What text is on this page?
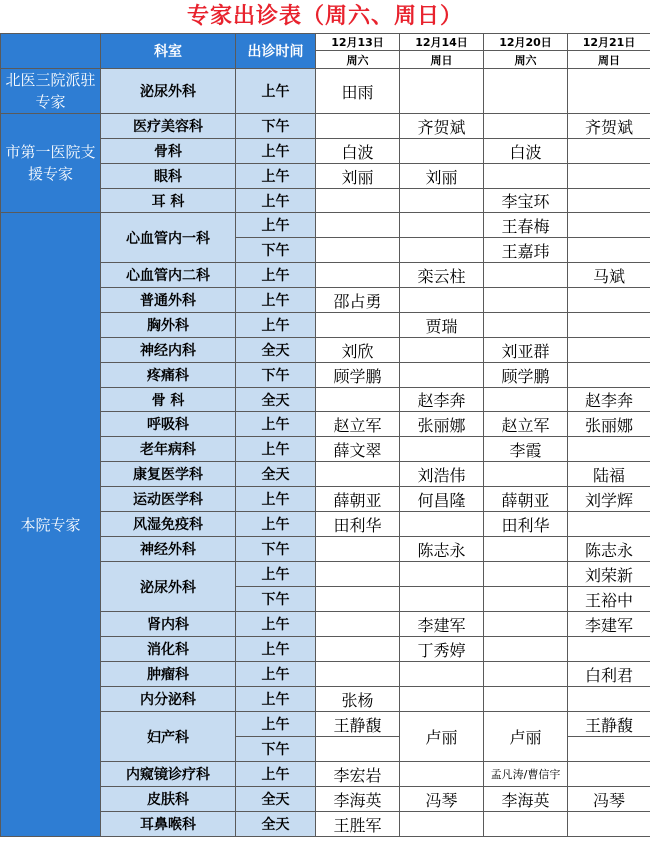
专家出诊表（周六、周日）
	科室	出诊时间	12月13日	12月14日	12月20日	12月21日
			周六	周日	周六	周日
北医三院派驻专家	泌尿外科	上午	田雨			
市第一医院支援专家	医疗美容科	下午		齐贺斌		齐贺斌
	骨科	上午	白波		白波	
	眼科	上午	刘丽	刘丽		
	耳 科	上午			李宝环	
本院专家	心血管内一科	上午			王春梅	
		下午			王嘉玮	
	心血管内二科	上午		栾云柱		马斌
	普通外科	上午	邵占勇			
	胸外科	上午		贾瑞		
	神经内科	全天	刘欣		刘亚群	
	疼痛科	下午	顾学鹏		顾学鹏	
	骨 科	全天		赵李奔		赵李奔
	呼吸科	上午	赵立军	张丽娜	赵立军	张丽娜
	老年病科	上午	薛文翠		李霞	
	康复医学科	全天		刘浩伟		陆福
	运动医学科	上午	薛朝亚	何昌隆	薛朝亚	刘学辉
	风湿免疫科	上午	田利华		田利华	
	神经外科	下午		陈志永		陈志永
	泌尿外科	上午				刘荣新
		下午				王裕中
	肾内科	上午		李建军		李建军
	消化科	上午		丁秀婷		
	肿瘤科	上午				白利君
	内分泌科	上午	张杨			
	妇产科	上午	王静馥	卢丽	卢丽	王静馥
		下午				
	内窥镜诊疗科	上午	李宏岩		孟凡涛/曹信宇	
	皮肤科	全天	李海英	冯琴	李海英	冯琴
	耳鼻喉科	全天	王胜军			
